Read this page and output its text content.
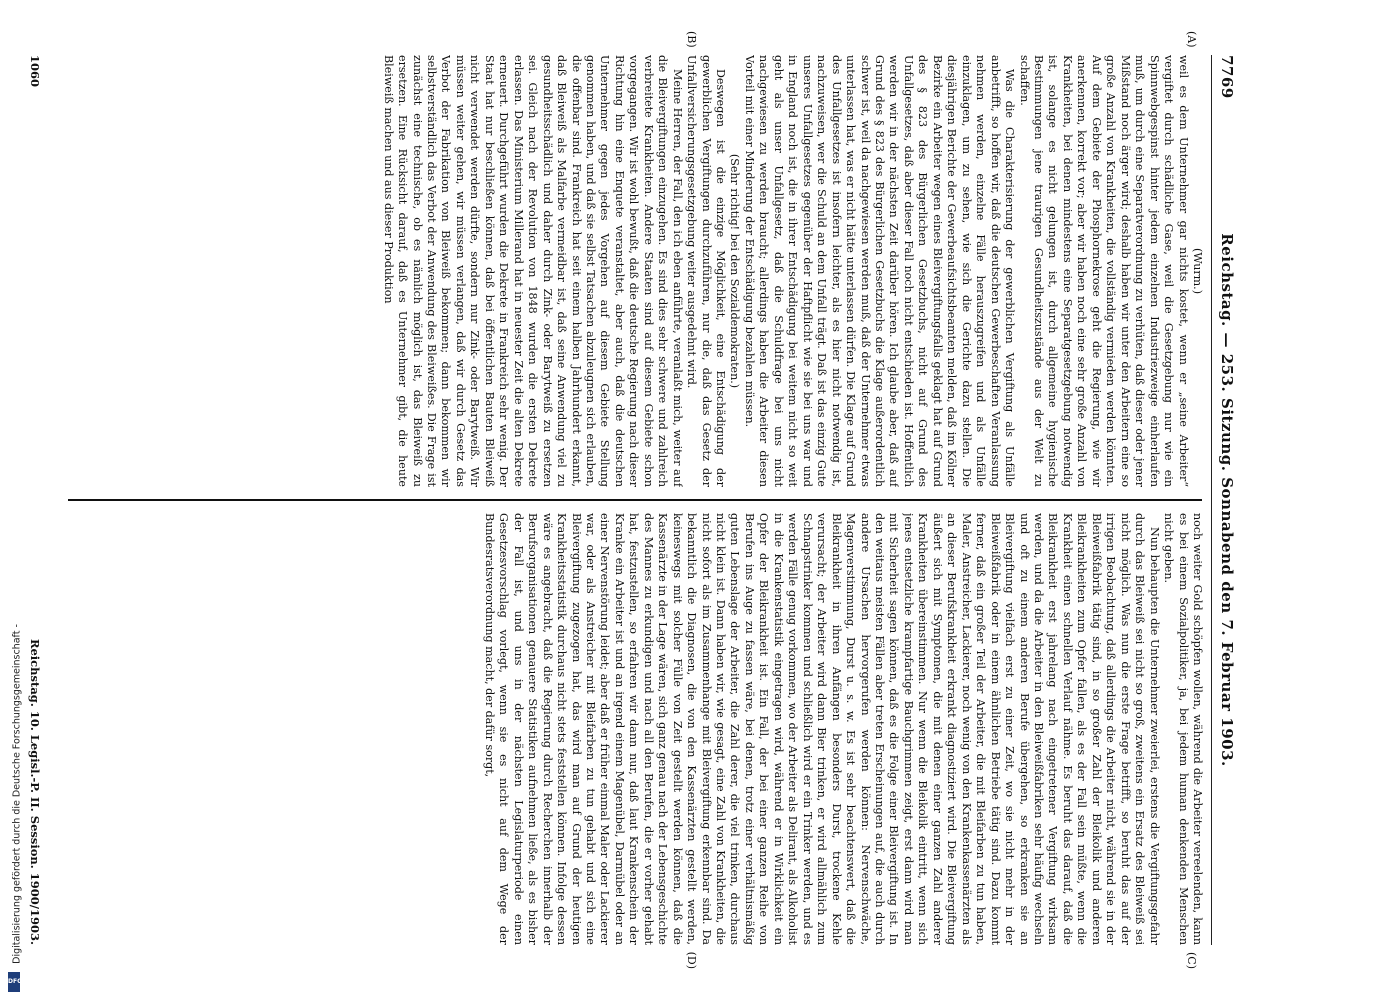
7769
Reichstag. — 253. Sitzung. Sonnabend den 7. Februar 1903.
(A)
(B)
(C)
(D)

(Wurm.)

weil es dem Unternehmer gar nichts kostet, wenn er „seine Arbeiter“ vergiftet durch schädliche Gase, weil die Gesetzgebung nur wie ein Spinnwebgespinst hinter jedem einzelnen Industriezweige einherlaufen muß, um durch eine Separatverordnung zu verhüten, daß dieser oder jener Mißstand noch ärger wird; deshalb haben wir unter den Arbeitern eine so große Anzahl von Krankheiten, die vollständig vermieden werden könnten. Auf dem Gebiete der Phosphornekrose geht die Regierung, wie wir anerkennen, korrekt vor; aber wir haben noch eine sehr große Anzahl von Krankheiten, bei denen mindestens eine Separatgesetzgebung notwendig ist, solange es nicht gelungen ist, durch allgemeine hygienische Bestimmungen jene traurigen Gesundheitszustände aus der Welt zu schaffen.

Was die Charakterisierung der gewerblichen Vergiftung als Unfälle anbetrifft, so hoffen wir, daß die deutschen Gewerbeschaften Veranlassung nehmen werden, einzelne Fälle herauszugreifen und als Unfälle einzuklagen, um zu sehen, wie sich die Gerichte dazu stellen. Die diesjährigen Berichte der Gewerbeaufsichtsbeamten melden, daß im Kölner Bezirke ein Arbeiter wegen eines Bleivergiftungsfalls geklagt hat auf Grund des § 823 des Bürgerlichen Gesetzbuchs, nicht auf Grund des Unfallgesetzes, daß aber dieser Fall noch nicht entschieden ist. Hoffentlich werden wir in der nächsten Zeit darüber hören. Ich glaube aber, daß auf Grund des § 823 des Bürgerlichen Gesetzbuchs die Klage außerordentlich schwer ist, weil da nachgewiesen werden muß, daß der Unternehmer etwas unterlassen hat, was er nicht hätte unterlassen dürfen. Die Klage auf Grund des Unfallgesetzes ist insofern leichter, als es hier nicht notwendig ist, nachzuweisen, wer die Schuld an dem Unfall trägt. Daß ist das einzig Gute unseres Unfallgesetzes gegenüber der Haftpflicht wie sie bei uns war und in England noch ist, die in ihrer Entschädigung bei weitem nicht so weit geht als unser Unfallgesetz, daß die Schuldfrage bei uns nicht nachgewiesen zu werden braucht; allerdings haben die Arbeiter diesen Vorteil mit einer Minderung der Entschädigung bezahlen müssen.

(Sehr richtig! bei den Sozialdemokraten.)

Deswegen ist die einzige Möglichkeit, eine Entschädigung der gewerblichen Vergiftungen durchzuführen, nur die, daß das Gesetz der Unfallversicherungsgesetzgebung weiter ausgedehnt wird.

Meine Herren, der Fall, den ich eben anführte, veranlaßt mich, weiter auf die Bleivergiftungen einzugehen. Es sind dies sehr schwere und zahlreich verbreitete Krankheiten. Andere Staaten sind auf diesem Gebiete schon vorgegangen. Wir ist wohl bewußt, daß die deutsche Regierung nach dieser Richtung hin eine Enquete veranstaltet, aber auch, daß die deutschen Unternehmer gegen jedes Vorgehen auf diesem Gebiete Stellung genommen haben, und daß sie selbst Tatsachen abzuleugnen sich erlauben, die offenbar sind. Frankreich hat seit einem halben Jahrhundert erkannt, daß Bleiweiß als Malfarbe vermeidbar ist, daß seine Anwendung viel zu gesundheitsschädlich und daher durch Zink- oder Barytweiß zu ersetzen sei. Gleich nach der Revolution von 1848 wurden die ersten Dekrete erlassen. Das Ministerium Millerand hat in neuester Zeit die alten Dekrete erneuert. Durchgeführt wurden die Dekrete in Frankreich sehr wenig. Der Staat hat nur beschließen können, daß bei öffentlichen Bauten Bleiweiß nicht verwendet werden dürfte, sondern nur Zink- oder Barytweiß. Wir müssen weiter gehen, wir müssen verlangen, daß wir durch Gesetz das Verbot der Fabrikation von Bleiweiß bekommen; dann bekommen wir selbstverständlich das Verbot der Anwendung des Bleiweißes. Die Frage ist zunächst eine technische, ob es nämlich möglich ist, das Bleiweiß zu ersetzen. Eine Rücksicht darauf, daß es Unternehmer gibt, die heute Bleiweiß machen und aus dieser Produktion

noch weiter Gold schöpfen wollen, während die Arbeiter vereelenden, kann es bei einem Sozialpolitiker, ja, bei jedem human denkenden Menschen nicht geben.

Nun behaupten die Unternehmer zweierlei, erstens die Vergiftungsgefahr durch das Bleiweiß sei nicht so groß, zweitens ein Ersatz des Bleiweiß sei nicht möglich. Was nun die erste Frage betrifft, so beruht das auf der irrigen Beobachtung, daß allerdings die Arbeiter nicht, während sie in der Bleiweißfabrik tätig sind, in so großer Zahl der Bleikolik und anderen Bleikrankheiten zum Opfer fallen, als es der Fall sein müßte, wenn die Krankheit einen schnellen Verlauf nähme. Es beruht das darauf, daß die Bleikrankheit erst jahrelang nach eingetretener Vergiftung wirksam werden, und da die Arbeiter in den Bleiweißfabriken sehr häufig wechseln und oft zu einem anderen Berufe übergehen, so erkranken sie an Bleivergiftung vielfach erst zu einer Zeit, wo sie nicht mehr in der Bleiweißfabrik oder in einem ähnlichen Betriebe tätig sind. Dazu kommt ferner, daß ein großer Teil der Arbeiter, die mit Bleifarben zu tun haben, Maler, Anstreicher, Lackierer, noch wenig von den Krankenkassenärzten als an dieser Berufskrankheit erkrankt diagnostiziert wird. Die Bleivergiftung äußert sich mit Symptomen, die mit denen einer ganzen Zahl anderer Krankheiten übereinstimmen. Nur wenn die Bleikolik eintritt, wenn sich jenes entsetzliche krampfartige Bauchgrimmen zeigt, erst dann wird man mit Sicherheit sagen können, daß es die Folge einer Bleivergiftung ist. In den weitaus meisten Fällen aber treten Erscheinungen auf, die auch durch andere Ursachen hervorgerufen werden können: Nervenschwäche, Magenverstimmung, Durst u. s. w. Es ist sehr beachtenswert, daß die Bleikrankheit in ihren Anfängen besonders Durst, trockene Kehle verursacht; der Arbeiter wird dann Bier trinken, er wird allmählich zum Schnapstrinker kommen und schließlich wird er ein Trinker werden, und es werden Fälle genug vorkommen, wo der Arbeiter als Delirant, als Alkoholist in die Krankenstatistik eingetragen wird, während er in Wirklichkeit ein Opfer der Bleikrankheit ist. Ein Fall, der bei einer ganzen Reihe von Berufen ins Auge zu fassen wäre, bei denen, trotz einer verhältnismäßig guten Lebenslage der Arbeiter, die Zahl derer, die viel trinken, durchaus nicht klein ist. Dann haben wir, wie gesagt, eine Zahl von Krankheiten, die nicht sofort als im Zusammenhange mit Bleivergiftung erkennbar sind. Da bekanntlich die Diagnosen, die von den Kassenärzten gestellt werden, keineswegs mit solcher Fülle von Zeit gestellt werden können, daß die Kassenärzte in der Lage wären, sich ganz genau nach der Lebensgeschichte des Mannes zu erkundigen und nach all den Berufen, die er vorher gehabt hat, festzustellen, so erfahren wir dann nur, daß laut Krankenschein der Kranke ein Arbeiter ist und an irgend einem Magenübel, Darmübel oder an einer Nervenstörung leidet; aber daß er früher einmal Maler oder Lackierer war, oder als Anstreicher mit Bleifarben zu tun gehabt und sich eine Bleivergiftung zugezogen hat, das wird man auf Grund der heutigen Krankheitsstatistik durchaus nicht stets feststellen können. Infolge dessen wäre es angebracht, daß die Regierung durch Recherchen innerhalb der Berufsorganisationen genauere Statistiken aufnehmen ließe, als es bisher der Fall ist, und uns in der nächsten Legislaturperiode einen Gesetzesvorschlag vorlegt, wenn sie es nicht auf dem Wege der Bundesratsverordnung macht, der dafür sorgt,

Reichstag. 10. Legisl.-P. II. Session. 1900/1903.
1060
Digitalisierung gefördert durch die Deutsche Forschungsgemeinschaft -
DFG
